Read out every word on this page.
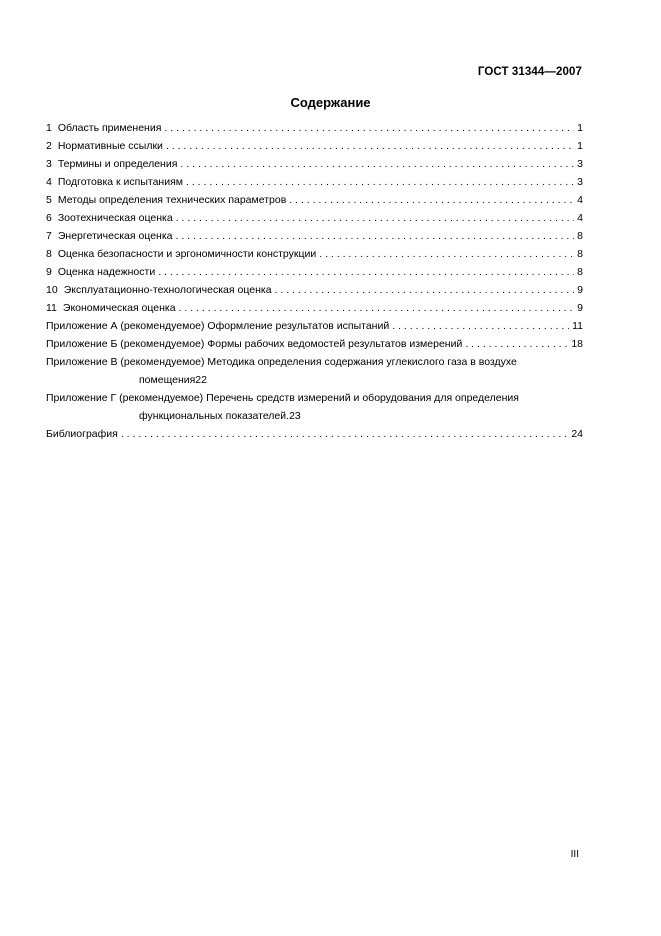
ГОСТ 31344—2007
Содержание
1 Область применения . . .	1
2 Нормативные ссылки . . .	1
3 Термины и определения . . .	3
4 Подготовка к испытаниям . . .	3
5 Методы определения технических параметров . . .	4
6 Зоотехническая оценка . . .	4
7 Энергетическая оценка . . .	8
8 Оценка безопасности и эргономичности конструкции . . .	8
9 Оценка надежности . . .	8
10 Эксплуатационно-технологическая оценка . . .	9
11 Экономическая оценка . . .	9
Приложение А (рекомендуемое) Оформление результатов испытаний . . .	11
Приложение Б (рекомендуемое) Формы рабочих ведомостей результатов измерений . . .	18
Приложение В (рекомендуемое) Методика определения содержания углекислого газа в воздухе
помещения 22
Приложение Г (рекомендуемое) Перечень средств измерений и оборудования для определения
функциональных показателей. 23
Библиография . . .	24
III
